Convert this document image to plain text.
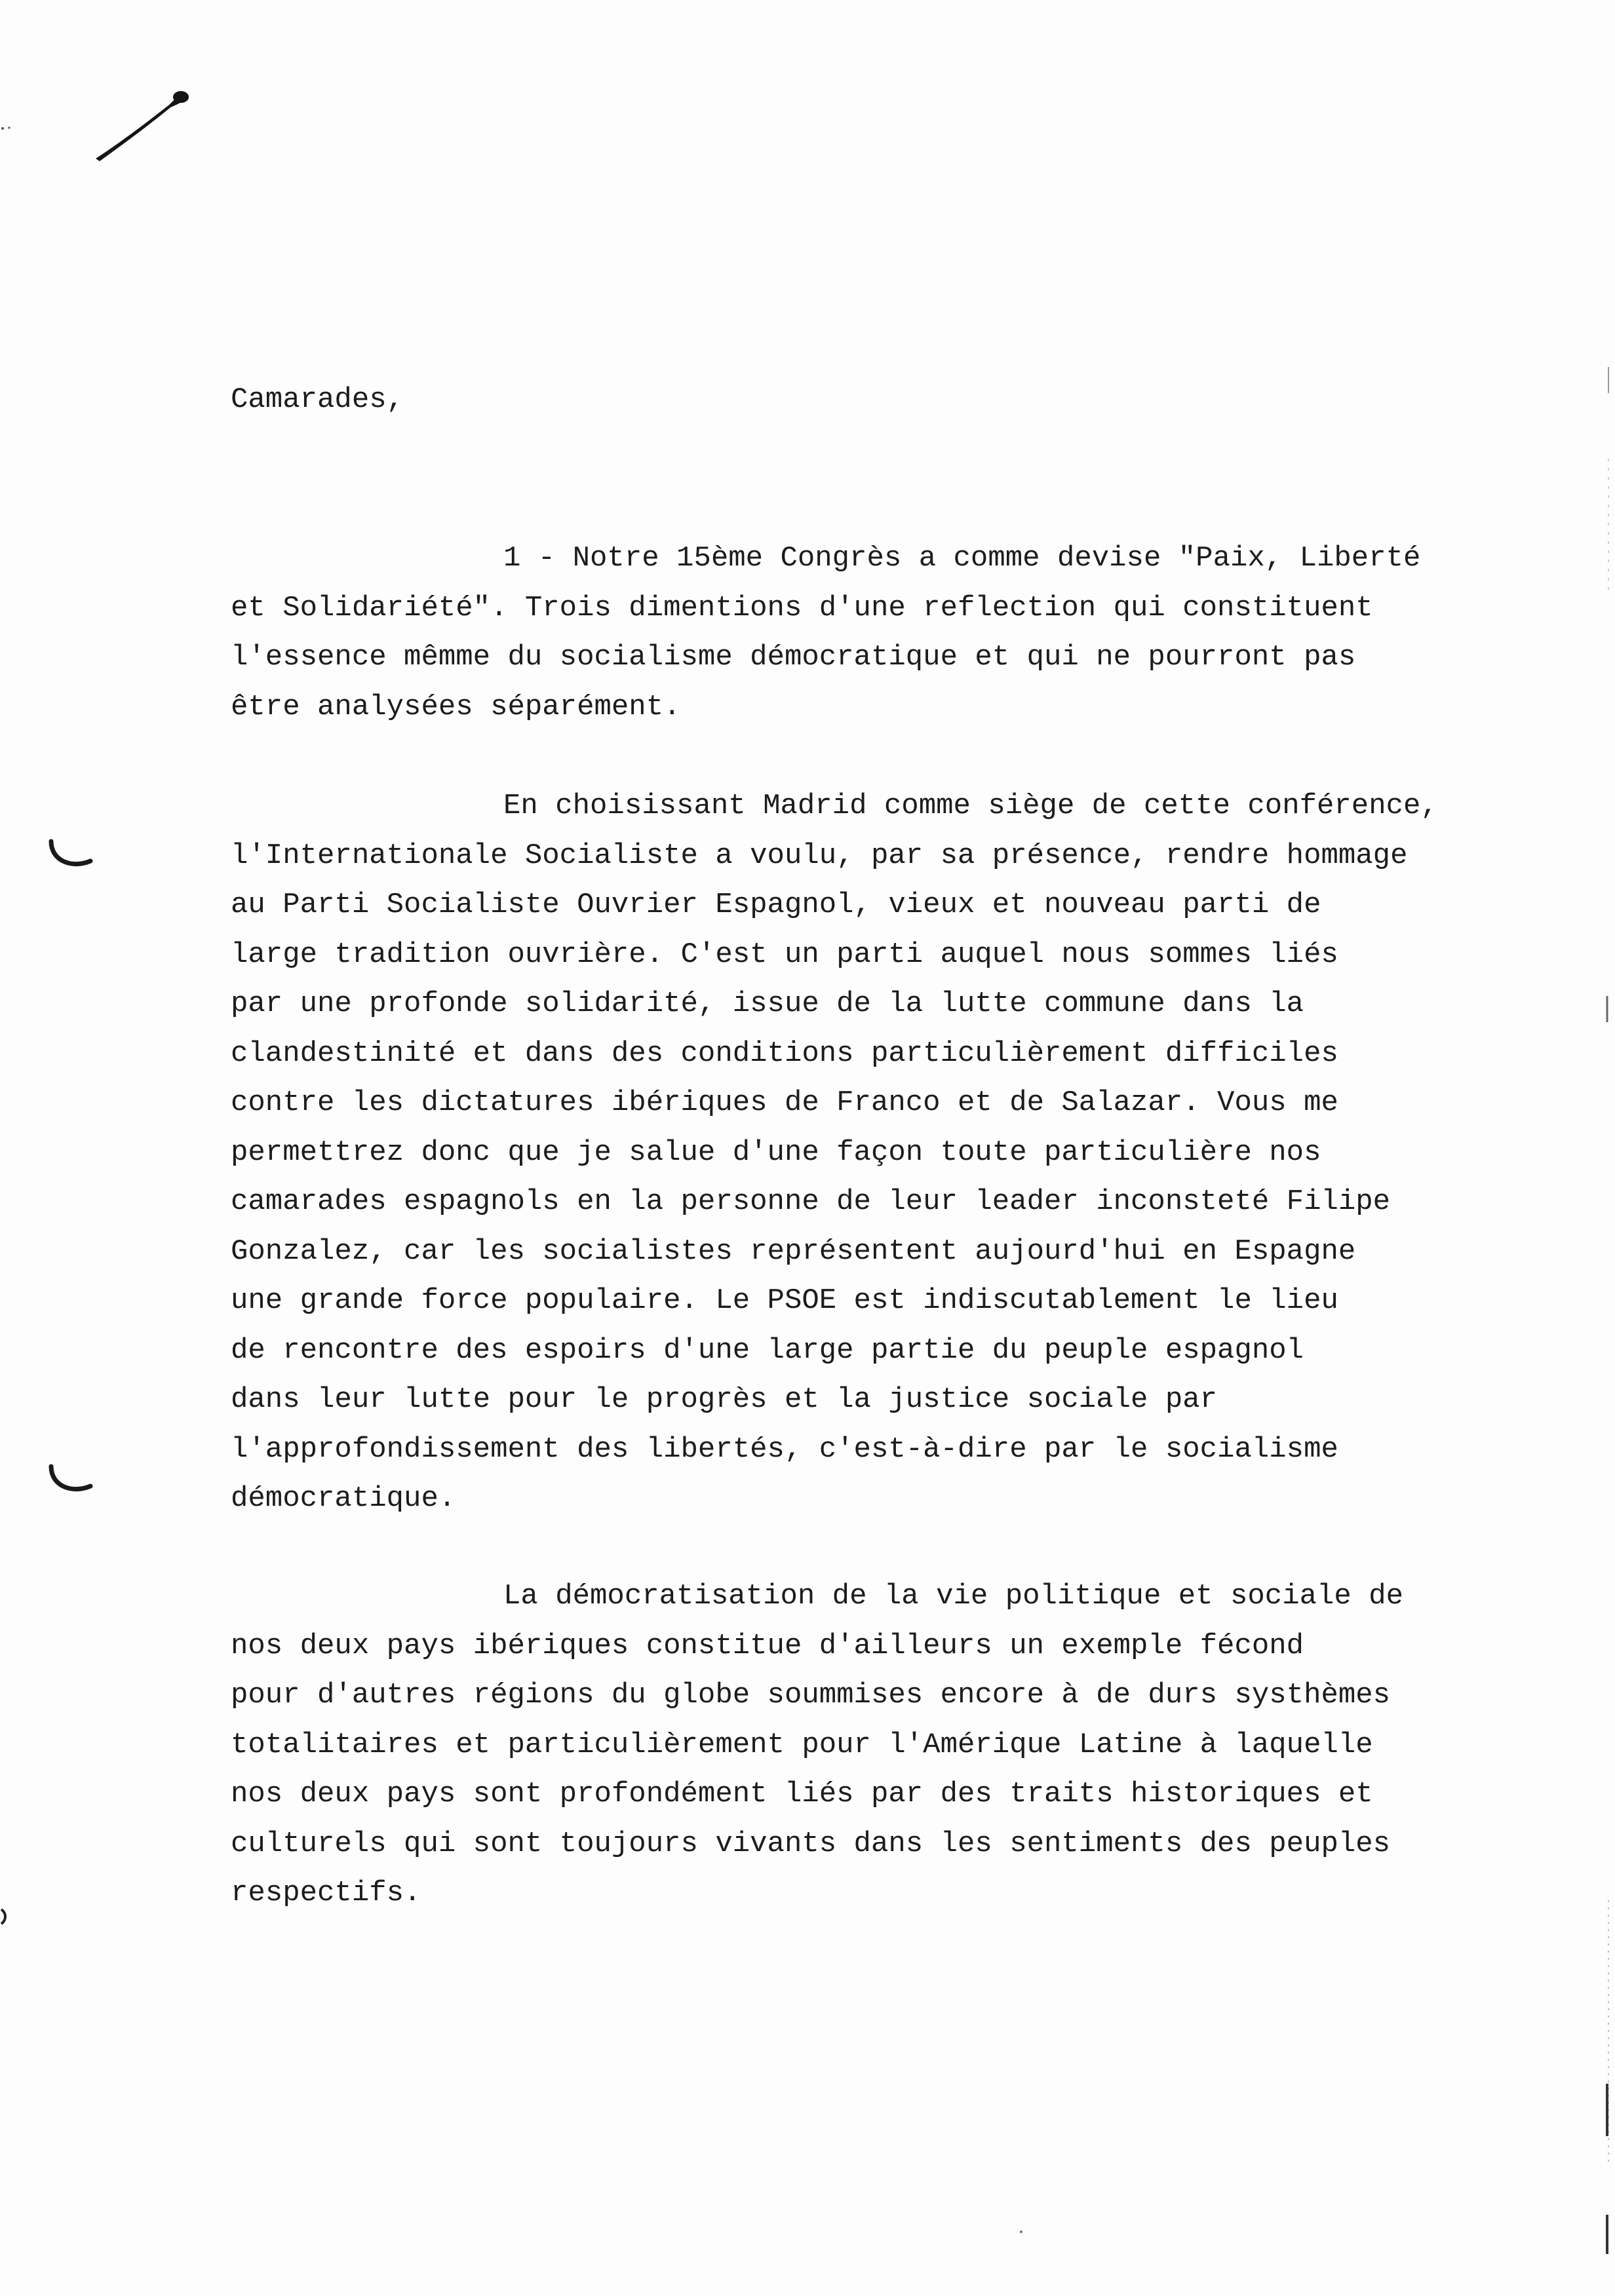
Camarades,

1 - Notre 15ème Congrès a comme devise "Paix, Liberté
et Solidariété". Trois dimentions d'une reflection qui constituent
l'essence mêmme du socialisme démocratique et qui ne pourront pas
être analysées séparément.

En choisissant Madrid comme siège de cette conférence,
l'Internationale Socialiste a voulu, par sa présence, rendre hommage
au Parti Socialiste Ouvrier Espagnol, vieux et nouveau parti de
large tradition ouvrière. C'est un parti auquel nous sommes liés
par une profonde solidarité, issue de la lutte commune dans la
clandestinité et dans des conditions particulièrement difficiles
contre les dictatures ibériques de Franco et de Salazar. Vous me
permettrez donc que je salue d'une façon toute particulière nos
camarades espagnols en la personne de leur leader inconsteté Filipe
Gonzalez, car les socialistes représentent aujourd'hui en Espagne
une grande force populaire. Le PSOE est indiscutablement le lieu
de rencontre des espoirs d'une large partie du peuple espagnol
dans leur lutte pour le progrès et la justice sociale par
l'approfondissement des libertés, c'est-à-dire par le socialisme
démocratique.

La démocratisation de la vie politique et sociale de
nos deux pays ibériques constitue d'ailleurs un exemple fécond
pour d'autres régions du globe soummises encore à de durs systhèmes
totalitaires et particulièrement pour l'Amérique Latine à laquelle
nos deux pays sont profondément liés par des traits historiques et
culturels qui sont toujours vivants dans les sentiments des peuples
respectifs.
